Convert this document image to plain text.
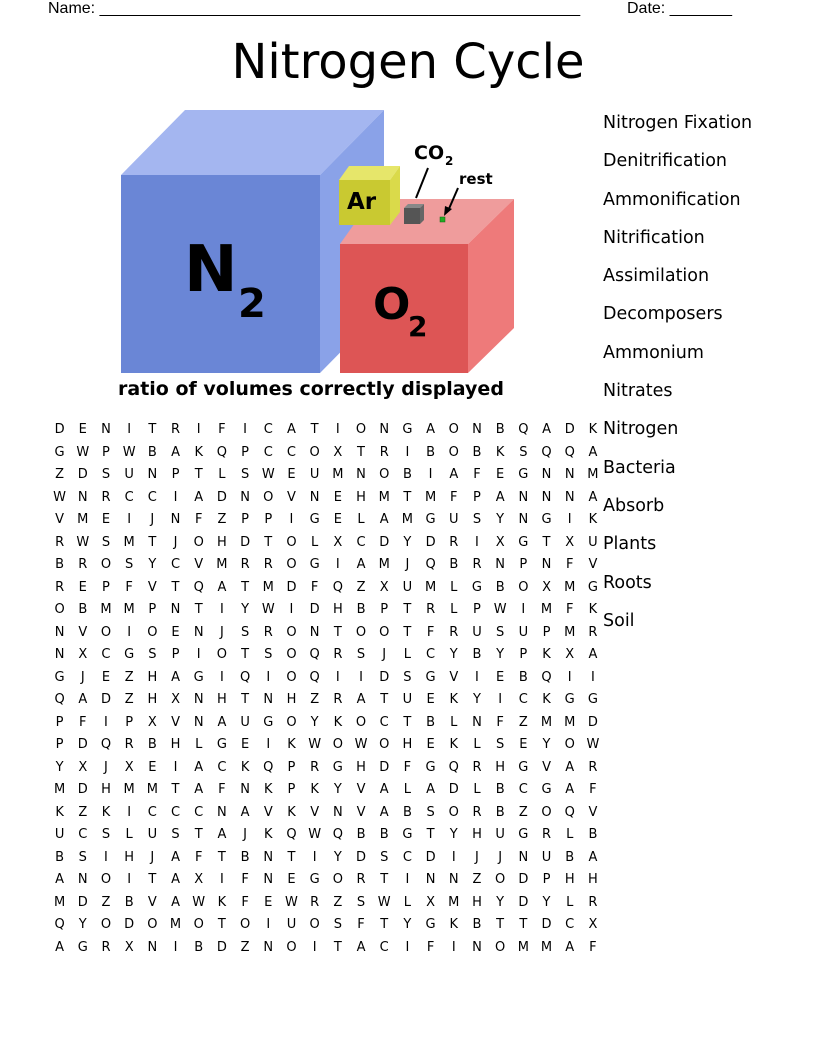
Name: ______________________________________________________	Date: _______
Nitrogen Cycle
N 2 O
2
Ar
CO 2
rest
ratio of volumes correctly displayed
Nitrogen Fixation
Denitrification
Ammonification
Nitrification
Assimilation
Decomposers
Ammonium
Nitrates
Nitrogen
Bacteria
Absorb
Plants
Roots
Soil
D	E	N	I	T	R	I	F	I	C	A	T	I	O	N	G	A	O	N	B	Q	A	D	K
G W P W B	A	K	Q	P	C	C	O	X	T	R	I	B	O	B	K	S	Q Q	A
Z	D	S	U	N	P	T	L	S W E	U M N	O	B	I	A	F	E	G	N	N M
W N	R	C	C	I	A	D	N	O	V	N	E	H M	T	M	F	P	A	N	N	N	A
V	M	E	I	J	N	F	Z	P	P	I	G	E	L	A	M G	U	S	Y	N	G	I	K
R W S	M	T	J	O	H	D	T	O	L	X	C	D	Y	D	R	I	X	G	T	X	U
B	R	O	S	Y	C	V	M	R	R	O	G	I	A	M	J	Q	B	R	N	P	N	F	V
R	E	P	F	V	T	Q	A	T	M D	F	Q	Z	X	U M	L	G	B	O	X	M G
O	B	M M	P	N	T	I	Y W	I	D	H	B	P	T	R	L	P W	I	M	F	K
N	V	O	I	O	E	N	J	S	R	O	N	T	O O	T	F	R	U	S	U	P	M	R
N	X	C	G	S	P	I	O	T	S	O Q	R	S	J	L	C	Y	B	Y	P	K	X	A
G	J	E	Z	H	A	G	I	Q	I	O Q	I	I	D	S	G	V	I	E	B	Q	I	I
Q	A	D	Z	H	X	N	H	T	N	H	Z	R	A	T	U	E	K	Y	I	C	K	G	G
P	F	I	P	X	V	N	A	U	G	O	Y	K	O	C	T	B	L	N	F	Z	M M D
P	D	Q	R	B	H	L	G	E	I	K W O W O	H	E	K	L	S	E	Y	O W
Y	X	J	X	E	I	A	C	K	Q	P	R	G	H	D	F	G	Q	R	H	G	V	A	R
M D	H M M	T	A	F	N	K	P	K	Y	V	A	L	A	D	L	B	C	G	A	F
K	Z	K	I	C	C	C	N	A	V	K	V	N	V	A	B	S	O	R	B	Z	O Q	V
U	C	S	L	U	S	T	A	J	K	Q W Q	B	B	G	T	Y	H	U	G	R	L	B
B	S	I	H	J	A	F	T	B	N	T	I	Y	D	S	C	D	I	J	J	N	U	B	A
A	N	O	I	T	A	X	I	F	N	E	G	O	R	T	I	N	N	Z	O	D	P	H	H
M D	Z	B	V	A W K	F	E W R	Z	S W	L	X	M H	Y	D	Y	L	R
Q	Y	O	D	O M O	T	O	I	U	O	S	F	T	Y	G	K	B	T	T	D	C	X
A	G	R	X	N	I	B	D	Z	N	O	I	T	A	C	I	F	I	N	O M M	A	F
